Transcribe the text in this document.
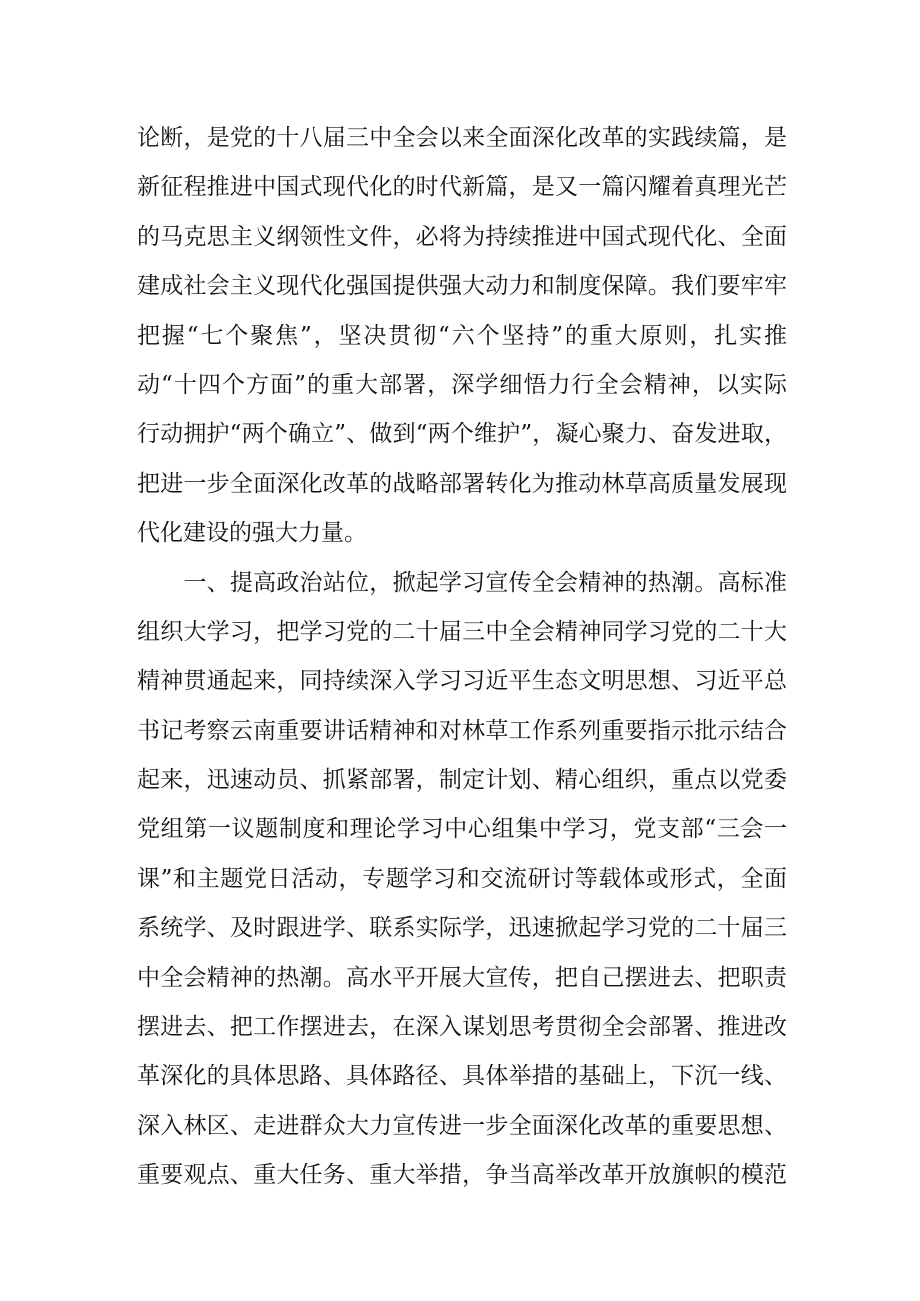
论断，是党的十八届三中全会以来全面深化改革的实践续篇，是
新征程推进中国式现代化的时代新篇，是又一篇闪耀着真理光芒
的马克思主义纲领性文件，必将为持续推进中国式现代化、全面
建成社会主义现代化强国提供强大动力和制度保障。我们要牢牢
把握“七个聚焦”，坚决贯彻“六个坚持”的重大原则，扎实推
动“十四个方面”的重大部署，深学细悟力行全会精神，以实际
行动拥护“两个确立”、做到“两个维护”，凝心聚力、奋发进取，
把进一步全面深化改革的战略部署转化为推动林草高质量发展现
代化建设的强大力量。
　　一、提高政治站位，掀起学习宣传全会精神的热潮。高标准
组织大学习，把学习党的二十届三中全会精神同学习党的二十大
精神贯通起来，同持续深入学习习近平生态文明思想、习近平总
书记考察云南重要讲话精神和对林草工作系列重要指示批示结合
起来，迅速动员、抓紧部署，制定计划、精心组织，重点以党委
党组第一议题制度和理论学习中心组集中学习，党支部“三会一
课”和主题党日活动，专题学习和交流研讨等载体或形式，全面
系统学、及时跟进学、联系实际学，迅速掀起学习党的二十届三
中全会精神的热潮。高水平开展大宣传，把自己摆进去、把职责
摆进去、把工作摆进去，在深入谋划思考贯彻全会部署、推进改
革深化的具体思路、具体路径、具体举措的基础上，下沉一线、
深入林区、走进群众大力宣传进一步全面深化改革的重要思想、
重要观点、重大任务、重大举措，争当高举改革开放旗帜的模范
